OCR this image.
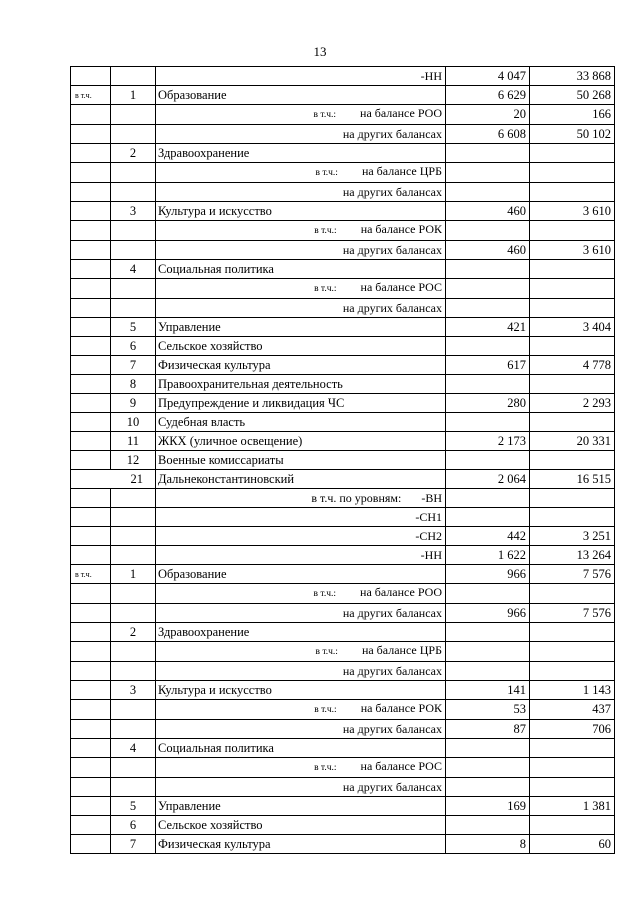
13
		-НН	4 047	33 868
в т.ч.	1	Образование	6 629	50 268
		в т.ч.: на балансе РОО	20	166
		на других балансах	6 608	50 102
	2	Здравоохранение		
		в т.ч.: на балансе ЦРБ		
		на других балансах		
	3	Культура и искусство	460	3 610
		в т.ч.: на балансе РОК		
		на других балансах	460	3 610
	4	Социальная политика		
		в т.ч.: на балансе РОС		
		на других балансах		
	5	Управление	421	3 404
	6	Сельское хозяйство		
	7	Физическая культура	617	4 778
	8	Правоохранительная деятельность		
	9	Предупреждение и ликвидация ЧС	280	2 293
	10	Судебная власть		
	11	ЖКХ (уличное освещение)	2 173	20 331
	12	Военные комиссариаты		
21		Дальнеконстантиновский	2 064	16 515
		в т.ч. по уровням: -ВН		
		-СН1		
		-СН2	442	3 251
		-НН	1 622	13 264
в т.ч.	1	Образование	966	7 576
		в т.ч.: на балансе РОО		
		на других балансах	966	7 576
	2	Здравоохранение		
		в т.ч.: на балансе ЦРБ		
		на других балансах		
	3	Культура и искусство	141	1 143
		в т.ч.: на балансе РОК	53	437
		на других балансах	87	706
	4	Социальная политика		
		в т.ч.: на балансе РОС		
		на других балансах		
	5	Управление	169	1 381
	6	Сельское хозяйство		
	7	Физическая культура	8	60
